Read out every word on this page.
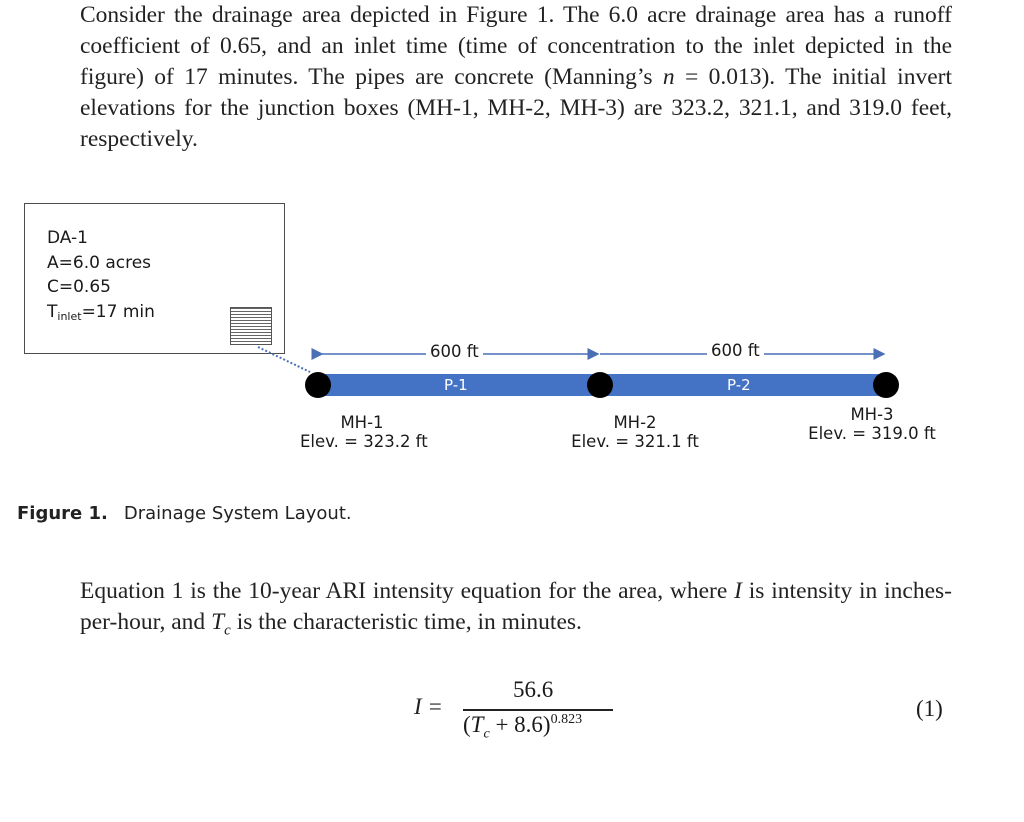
Consider the drainage area depicted in Figure 1. The 6.0 acre drainage area has a runoff coefficient of 0.65, and an inlet time (time of concentration to the inlet depicted in the figure) of 17 minutes. The pipes are concrete (Manning’s n = 0.013). The initial invert elevations for the junction boxes (MH-1, MH-2, MH-3) are 323.2, 321.1, and 319.0 feet, respectively.

DA-1
A=6.0 acres
C=0.65
$T_{inlet}=17$ min
600 ft	600 ft
P-1	P-2
MH-1
Elev. = 323.2 ft
MH-2
Elev. = 321.1 ft
MH-3
Elev. = 319.0 ft
Figure 1. Drainage System Layout.

Equation 1 is the 10-year ARI intensity equation for the area, where I is intensity in inches-per-hour, and $T_c$ is the characteristic time, in minutes.

I =
56.6
$(T_c + 8.6)^{0.823}$	(1)
